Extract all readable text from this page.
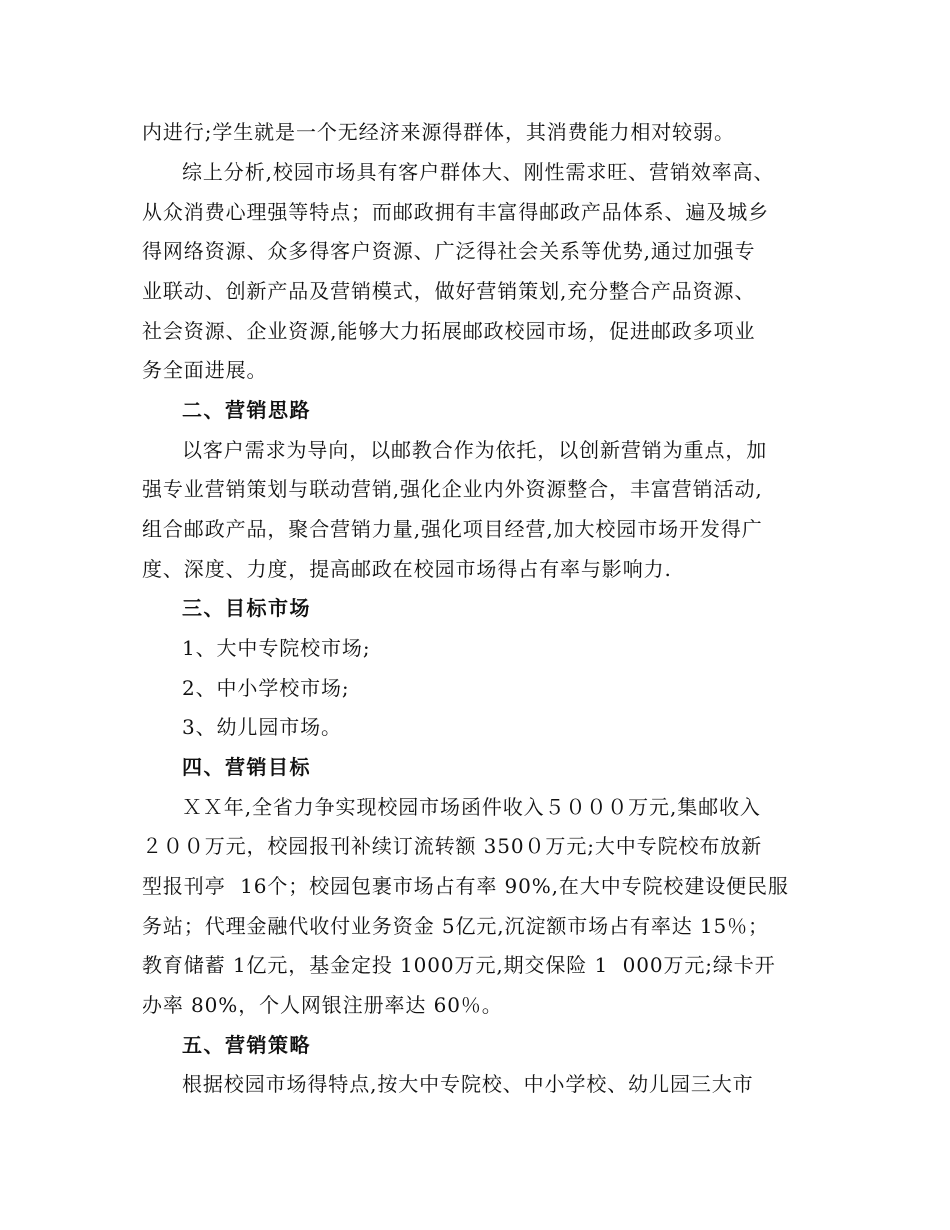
内进行;学生就是一个无经济来源得群体，其消费能力相对较弱。
综上分析,校园市场具有客户群体大、刚性需求旺、营销效率高、
从众消费心理强等特点；而邮政拥有丰富得邮政产品体系、遍及城乡
得网络资源、众多得客户资源、广泛得社会关系等优势,通过加强专
业联动、创新产品及营销模式，做好营销策划,充分整合产品资源、
社会资源、企业资源,能够大力拓展邮政校园市场，促进邮政多项业
务全面进展。
二、营销思路
以客户需求为导向，以邮教合作为依托，以创新营销为重点，加
强专业营销策划与联动营销,强化企业内外资源整合，丰富营销活动,
组合邮政产品，聚合营销力量,强化项目经营,加大校园市场开发得广
度、深度、力度，提高邮政在校园市场得占有率与影响力.
三、目标市场
1、大中专院校市场;
2、中小学校市场;
3、幼儿园市场。
四、营销目标
ＸＸ年,全省力争实现校园市场函件收入５０００万元,集邮收入
２００万元，校园报刊补续订流转额 350０万元;大中专院校布放新
型报刊亭  16个；校园包裹市场占有率 90%,在大中专院校建设便民服
务站；代理金融代收付业务资金 5亿元,沉淀额市场占有率达 15％；
教育储蓄 1亿元，基金定投 1000万元,期交保险 1  000万元;绿卡开
办率 80%，个人网银注册率达 60％。
五、营销策略
根据校园市场得特点,按大中专院校、中小学校、幼儿园三大市
